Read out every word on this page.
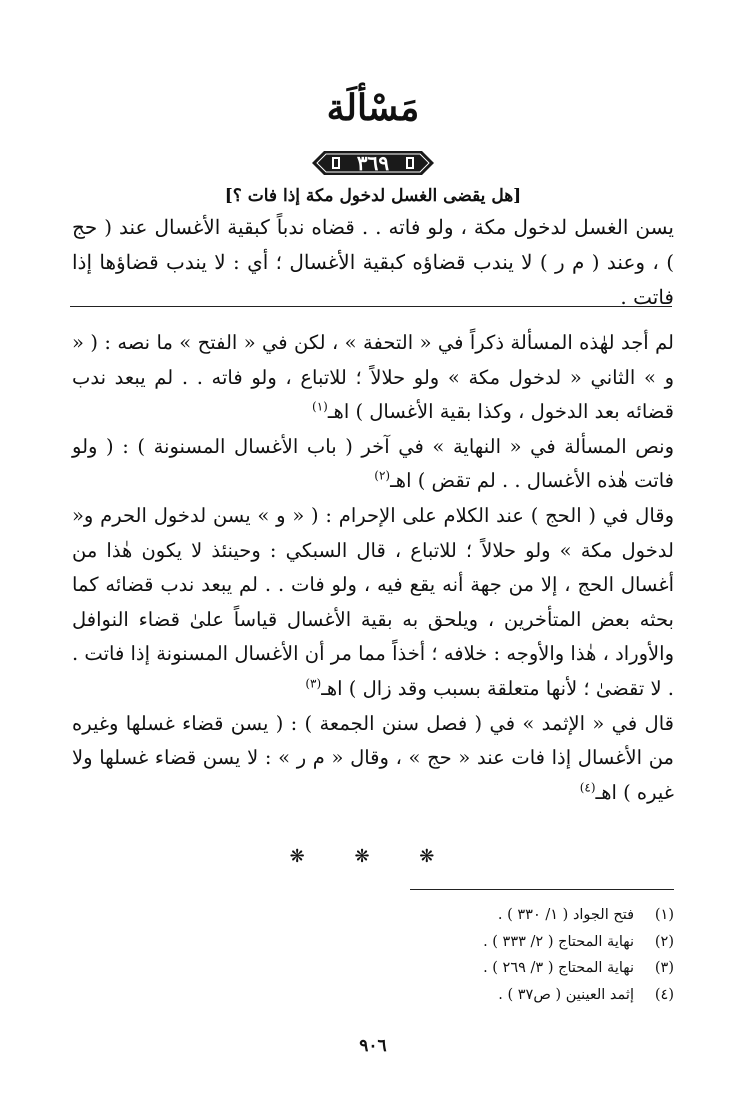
مَسْألَة
٣٦٩
[هل يقضى الغسل لدخول مكة إذا فات ؟]

يسن الغسل لدخول مكة ، ولو فاته . . قضاه ندباً كبقية الأغسال عند ( حج ) ، وعند ( م ر ) لا يندب قضاؤه كبقية الأغسال ؛ أي : لا يندب قضاؤها إذا فاتت .

لم أجد لهٰذه المسألة ذكراً في « التحفة » ، لكن في « الفتح » ما نصه : ( « و » الثاني « لدخول مكة » ولو حلالاً ؛ للاتباع ، ولو فاته . . لم يبعد ندب قضائه بعد الدخول ، وكذا بقية الأغسال ) اهـ$^{(١)}$

ونص المسألة في « النهاية » في آخر ( باب الأغسال المسنونة ) : ( ولو فاتت هٰذه الأغسال . . لم تقض ) اهـ$^{(٢)}$

وقال في ( الحج ) عند الكلام على الإحرام : ( « و » يسن لدخول الحرم و« لدخول مكة » ولو حلالاً ؛ للاتباع ، قال السبكي : وحينئذ لا يكون هٰذا من أغسال الحج ، إلا من جهة أنه يقع فيه ، ولو فات . . لم يبعد ندب قضائه كما بحثه بعض المتأخرين ، ويلحق به بقية الأغسال قياساً علىٰ قضاء النوافل والأوراد ، هٰذا والأوجه : خلافه ؛ أخذاً مما مر أن الأغسال المسنونة إذا فاتت . . لا تقضىٰ ؛ لأنها متعلقة بسبب وقد زال ) اهـ$^{(٣)}$

قال في « الإثمد » في ( فصل سنن الجمعة ) : ( يسن قضاء غسلها وغيره من الأغسال إذا فات عند « حج » ، وقال « م ر » : لا يسن قضاء غسلها ولا غيره ) اهـ$^{(٤)}$

❋ ❋ ❋
(١)
فتح الجواد ( ١/ ٣٣٠ ) .
(٢)
نهاية المحتاج ( ٢/ ٣٣٣ ) .
(٣)
نهاية المحتاج ( ٣/ ٢٦٩ ) .
(٤)
إثمد العينين ( ص٣٧ ) .
٩٠٦
